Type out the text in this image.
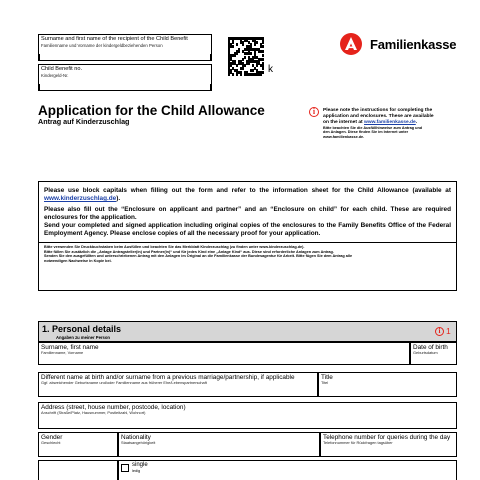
Surname and first name of the recipient of the Child Benefit
Familienname und Vorname der kindergeldbeziehenden Person
Child Benefit no.
Kindergeld-Nr.	k
Familienkasse
Application for the Child Allowance
Antrag auf Kinderzuschlag
i	Please note the instructions for completing the
application and enclosures. These are available
on the internet at www.familienkasse.de.
Bitte beachten Sie die Ausfüllhinweise zum Antrag und
den Anlagen. Diese finden Sie im Internet unter
www.familienkasse.de.

Please use block capitals when filling out the form and refer to the information sheet for the Child Allowance (available at www.kinderzuschlag.de).

Please also fill out the “Enclosure on applicant and partner” and an “Enclosure on child” for each child. These are required enclosures for the application.

Send your completed and signed application including original copies of the enclosures to the Family Benefits Office of the Federal Employment Agency. Please enclose copies of all the necessary proof for your application.

Bitte verwenden Sie Druckbuchstaben beim Ausfüllen und beachten Sie das Merkblatt Kinderzuschlag (zu finden unter www.kinderzuschlag.de).
Bitte füllen Sie zusätzlich die „Anlage Antragsteller(in) und Partner(in)“ und für jedes Kind eine „Anlage Kind“ aus. Diese sind erforderliche Anlagen zum Antrag.
Senden Sie den ausgefüllten und unterschriebenen Antrag mit den Anlagen im Original an die Familienkasse der Bundesagentur für Arbeit. Bitte fügen Sie dem Antrag alle
notwendigen Nachweise in Kopie bei.
1. Personal details
Angaben zu meiner Person
i 1
Surname, first name
Familienname, Vorname
Date of birth
Geburtsdatum
Different name at birth and/or surname from a previous marriage/partnership, if applicable
Ggf. abweichender Geburtsname und/oder Familienname aus früherer Ehe/Lebenspartnerschaft
Title
Titel
Address (street, house number, postcode, location)
Anschrift (Straße/Platz, Hausnummer, Postleitzahl, Wohnort)
Gender
Geschlecht
Nationality
Staatsangehörigkeit
Telephone number for queries during the day
Telefonnummer für Rückfragen tagsüber
single
ledig
